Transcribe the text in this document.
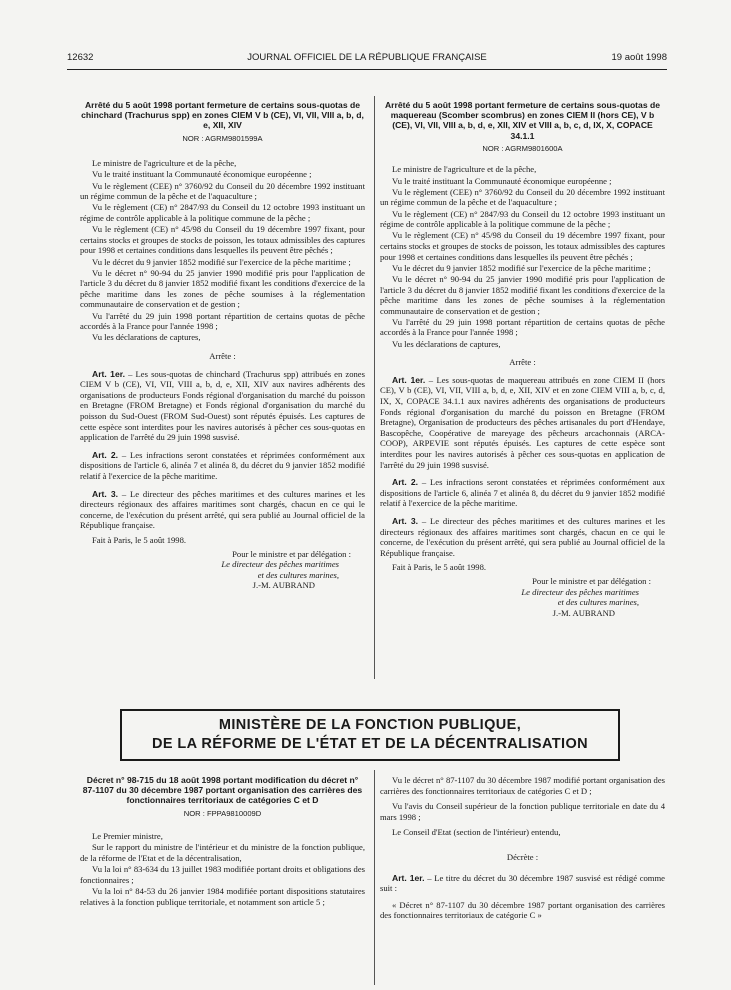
12632	JOURNAL OFFICIEL DE LA RÉPUBLIQUE FRANÇAISE	19 août 1998

Arrêté du 5 août 1998 portant fermeture de certains sous-quotas de chinchard (Trachurus spp) en zones CIEM V b (CE), VI, VII, VIII a, b, d, e, XII, XIV

NOR : AGRM9801599A

Le ministre de l'agriculture et de la pêche,

Vu le traité instituant la Communauté économique européenne ;

Vu le règlement (CEE) n° 3760/92 du Conseil du 20 décembre 1992 instituant un régime commun de la pêche et de l'aquaculture ;

Vu le règlement (CE) n° 2847/93 du Conseil du 12 octobre 1993 instituant un régime de contrôle applicable à la politique commune de la pêche ;

Vu le règlement (CE) n° 45/98 du Conseil du 19 décembre 1997 fixant, pour certains stocks et groupes de stocks de poisson, les totaux admissibles des captures pour 1998 et certaines conditions dans lesquelles ils peuvent être pêchés ;

Vu le décret du 9 janvier 1852 modifié sur l'exercice de la pêche maritime ;

Vu le décret n° 90-94 du 25 janvier 1990 modifié pris pour l'application de l'article 3 du décret du 8 janvier 1852 modifié fixant les conditions d'exercice de la pêche maritime dans les zones de pêche soumises à la réglementation communautaire de conservation et de gestion ;

Vu l'arrêté du 29 juin 1998 portant répartition de certains quotas de pêche accordés à la France pour l'année 1998 ;

Vu les déclarations de captures,

Arrête :

Art. 1er. – Les sous-quotas de chinchard (Trachurus spp) attribués en zones CIEM V b (CE), VI, VII, VIII a, b, d, e, XII, XIV aux navires adhérents des organisations de producteurs Fonds régional d'organisation du marché du poisson en Bretagne (FROM Bretagne) et Fonds régional d'organisation du marché du poisson du Sud-Ouest (FROM Sud-Ouest) sont réputés épuisés. Les captures de cette espèce sont interdites pour les navires autorisés à pêcher ces sous-quotas en application de l'arrêté du 29 juin 1998 susvisé.

Art. 2. – Les infractions seront constatées et réprimées conformément aux dispositions de l'article 6, alinéa 7 et alinéa 8, du décret du 9 janvier 1852 modifié relatif à l'exercice de la pêche maritime.

Art. 3. – Le directeur des pêches maritimes et des cultures marines et les directeurs régionaux des affaires maritimes sont chargés, chacun en ce qui le concerne, de l'exécution du présent arrêté, qui sera publié au Journal officiel de la République française.

Fait à Paris, le 5 août 1998.

Pour le ministre et par délégation :

Le directeur des pêches maritimes

et des cultures marines,

J.-M. AUBRAND

Arrêté du 5 août 1998 portant fermeture de certains sous-quotas de maquereau (Scomber scombrus) en zones CIEM II (hors CE), V b (CE), VI, VII, VIII a, b, d, e, XII, XIV et VIII a, b, c, d, IX, X, COPACE 34.1.1

NOR : AGRM9801600A

Le ministre de l'agriculture et de la pêche,

Vu le traité instituant la Communauté économique européenne ;

Vu le règlement (CEE) n° 3760/92 du Conseil du 20 décembre 1992 instituant un régime commun de la pêche et de l'aquaculture ;

Vu le règlement (CE) n° 2847/93 du Conseil du 12 octobre 1993 instituant un régime de contrôle applicable à la politique commune de la pêche ;

Vu le règlement (CE) n° 45/98 du Conseil du 19 décembre 1997 fixant, pour certains stocks et groupes de stocks de poisson, les totaux admissibles des captures pour 1998 et certaines conditions dans lesquelles ils peuvent être pêchés ;

Vu le décret du 9 janvier 1852 modifié sur l'exercice de la pêche maritime ;

Vu le décret n° 90-94 du 25 janvier 1990 modifié pris pour l'application de l'article 3 du décret du 8 janvier 1852 modifié fixant les conditions d'exercice de la pêche maritime dans les zones de pêche soumises à la réglementation communautaire de conservation et de gestion ;

Vu l'arrêté du 29 juin 1998 portant répartition de certains quotas de pêche accordés à la France pour l'année 1998 ;

Vu les déclarations de captures,

Arrête :

Art. 1er. – Les sous-quotas de maquereau attribués en zone CIEM II (hors CE), V b (CE), VI, VII, VIII a, b, d, e, XII, XIV et en zone CIEM VIII a, b, c, d, IX, X, COPACE 34.1.1 aux navires adhérents des organisations de producteurs Fonds régional d'organisation du marché du poisson en Bretagne (FROM Bretagne), Organisation de producteurs des pêches artisanales du port d'Hendaye, Bascopêche, Coopérative de mareyage des pêcheurs arcachonnais (ARCA-COOP), ARPEVIE sont réputés épuisés. Les captures de cette espèce sont interdites pour les navires autorisés à pêcher ces sous-quotas en application de l'arrêté du 29 juin 1998 susvisé.

Art. 2. – Les infractions seront constatées et réprimées conformément aux dispositions de l'article 6, alinéa 7 et alinéa 8, du décret du 9 janvier 1852 modifié relatif à l'exercice de la pêche maritime.

Art. 3. – Le directeur des pêches maritimes et des cultures marines et les directeurs régionaux des affaires maritimes sont chargés, chacun en ce qui le concerne, de l'exécution du présent arrêté, qui sera publié au Journal officiel de la République française.

Fait à Paris, le 5 août 1998.

Pour le ministre et par délégation :

Le directeur des pêches maritimes

et des cultures marines,

J.-M. AUBRAND

MINISTÈRE DE LA FONCTION PUBLIQUE,
DE LA RÉFORME DE L'ÉTAT ET DE LA DÉCENTRALISATION

Décret n° 98-715 du 18 août 1998 portant modification du décret n° 87-1107 du 30 décembre 1987 portant organisation des carrières des fonctionnaires territoriaux de catégories C et D

NOR : FPPA9810009D

Le Premier ministre,

Sur le rapport du ministre de l'intérieur et du ministre de la fonction publique, de la réforme de l'Etat et de la décentralisation,

Vu la loi n° 83-634 du 13 juillet 1983 modifiée portant droits et obligations des fonctionnaires ;

Vu la loi n° 84-53 du 26 janvier 1984 modifiée portant dispositions statutaires relatives à la fonction publique territoriale, et notamment son article 5 ;

Vu le décret n° 87-1107 du 30 décembre 1987 modifié portant organisation des carrières des fonctionnaires territoriaux de catégories C et D ;

Vu l'avis du Conseil supérieur de la fonction publique territoriale en date du 4 mars 1998 ;

Le Conseil d'Etat (section de l'intérieur) entendu,

Décrète :

Art. 1er. – Le titre du décret du 30 décembre 1987 susvisé est rédigé comme suit :

« Décret n° 87-1107 du 30 décembre 1987 portant organisation des carrières des fonctionnaires territoriaux de catégorie C »
